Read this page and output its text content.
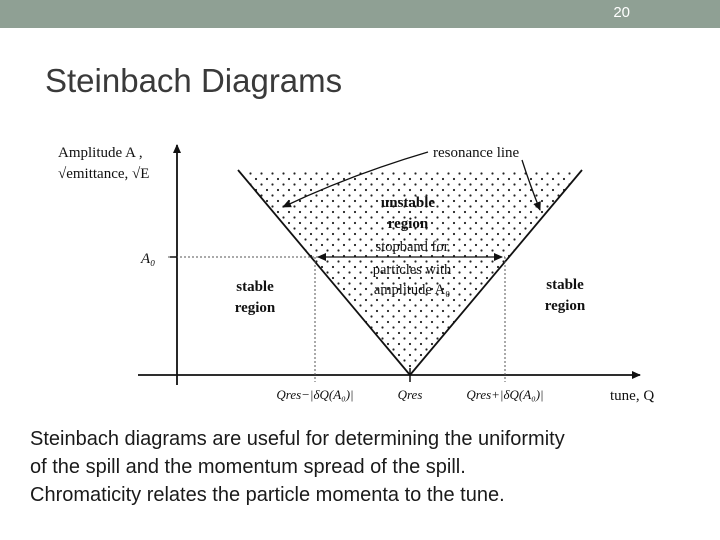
20
Steinbach Diagrams
Amplitude A ,
√emittance, √E
A₀
resonance line
unstable
region
stopband for
particles with
amplitude A₀
stable
region
stable
region
Qres−|δQ(A₀)|	Qres	Qres+|δQ(A₀)|	tune, Q
Steinbach diagrams are useful for determining the uniformity
of the spill and the momentum spread of the spill.
Chromaticity relates the particle momenta to the tune.
